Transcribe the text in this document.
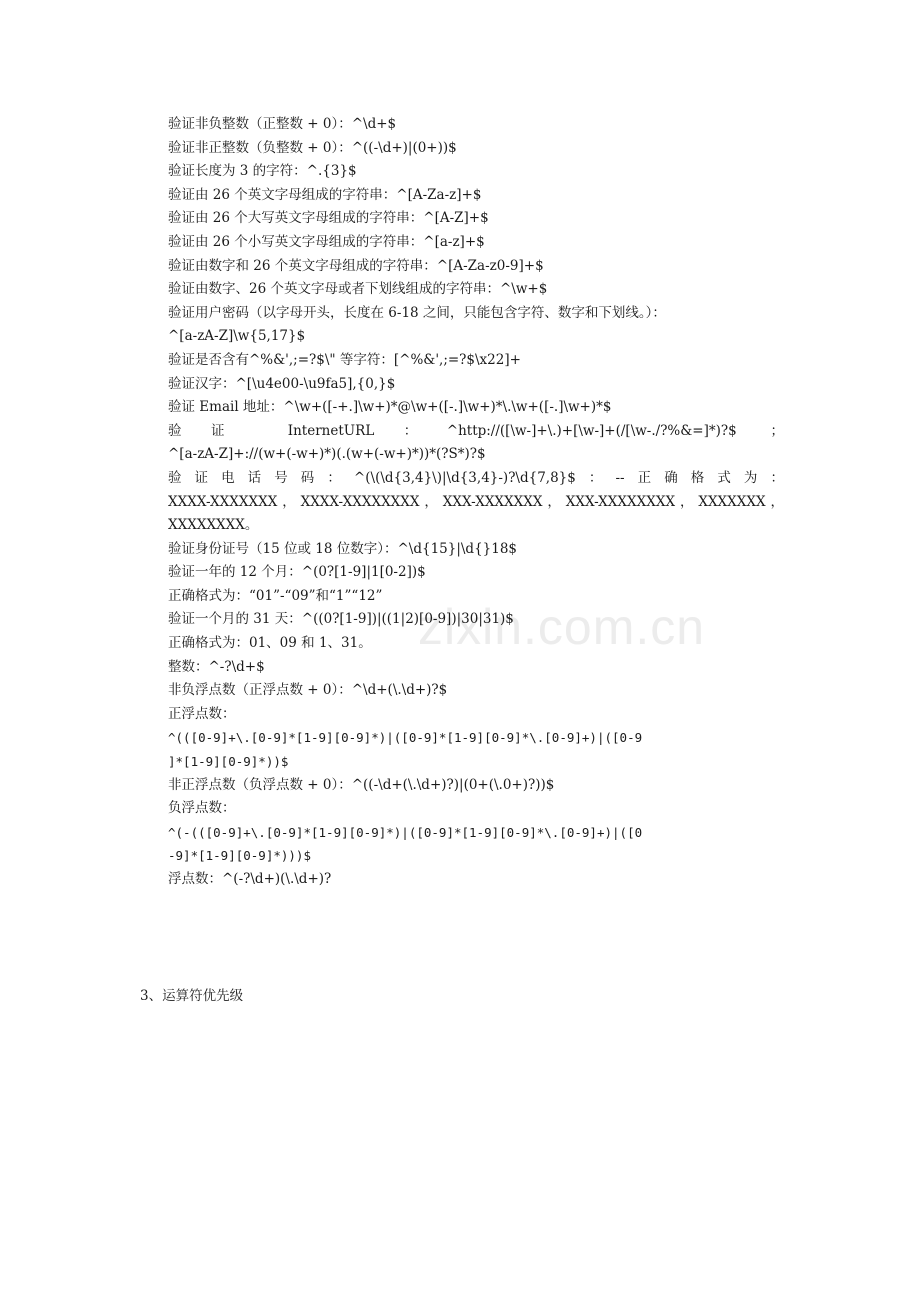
zixin.com.cn
验证非负整数（正整数 + 0）：^\d+$
验证非正整数（负整数 + 0）：^((-\d+)|(0+))$
验证长度为 3 的字符：^.{3}$
验证由 26 个英文字母组成的字符串：^[A-Za-z]+$
验证由 26 个大写英文字母组成的字符串：^[A-Z]+$
验证由 26 个小写英文字母组成的字符串：^[a-z]+$
验证由数字和 26 个英文字母组成的字符串：^[A-Za-z0-9]+$
验证由数字、26 个英文字母或者下划线组成的字符串：^\w+$
验证用户密码（以字母开头，长度在 6-18 之间，只能包含字符、数字和下划线。）：
^[a-zA-Z]\w{5,17}$
验证是否含有^%&',;=?$\" 等字符：[^%&',;=?$\x22]+
验证汉字：^[\u4e00-\u9fa5],{0,}$
验证 Email 地址：^\w+([-+.]\w+)*@\w+([-.]\w+)*\.\w+([-.]\w+)*$
验证 InternetURL：^http://([\w-]+\.)+[\w-]+(/[\w-./?%&=]*)?$ ；
^[a-zA-Z]+://(w+(-w+)*)(.(w+(-w+)*))*(?S*)?$
验证电话号码：^(\(\d{3,4}\)|\d{3,4}-)?\d{7,8}$：--正确格式为：
XXXX-XXXXXXX，XXXX-XXXXXXXX，XXX-XXXXXXX，XXX-XXXXXXXX，XXXXXXX，
XXXXXXXX。
验证身份证号（15 位或 18 位数字）：^\d{15}|\d{}18$
验证一年的 12 个月：^(0?[1-9]|1[0-2])$
正确格式为：“01”-“09”和“1”“12”
验证一个月的 31 天：^((0?[1-9])|((1|2)[0-9])|30|31)$
正确格式为：01、09 和 1、31。
整数：^-?\d+$
非负浮点数（正浮点数 + 0）：^\d+(\.\d+)?$
正浮点数：
^(([0-9]+\.[0-9]*[1-9][0-9]*)|([0-9]*[1-9][0-9]*\.[0-9]+)|([0-9
]*[1-9][0-9]*))$
非正浮点数（负浮点数 + 0）：^((-\d+(\.\d+)?)|(0+(\.0+)?))$
负浮点数：
^(-(([0-9]+\.[0-9]*[1-9][0-9]*)|([0-9]*[1-9][0-9]*\.[0-9]+)|([0
-9]*[1-9][0-9]*)))$
浮点数：^(-?\d+)(\.\d+)?
3、运算符优先级
